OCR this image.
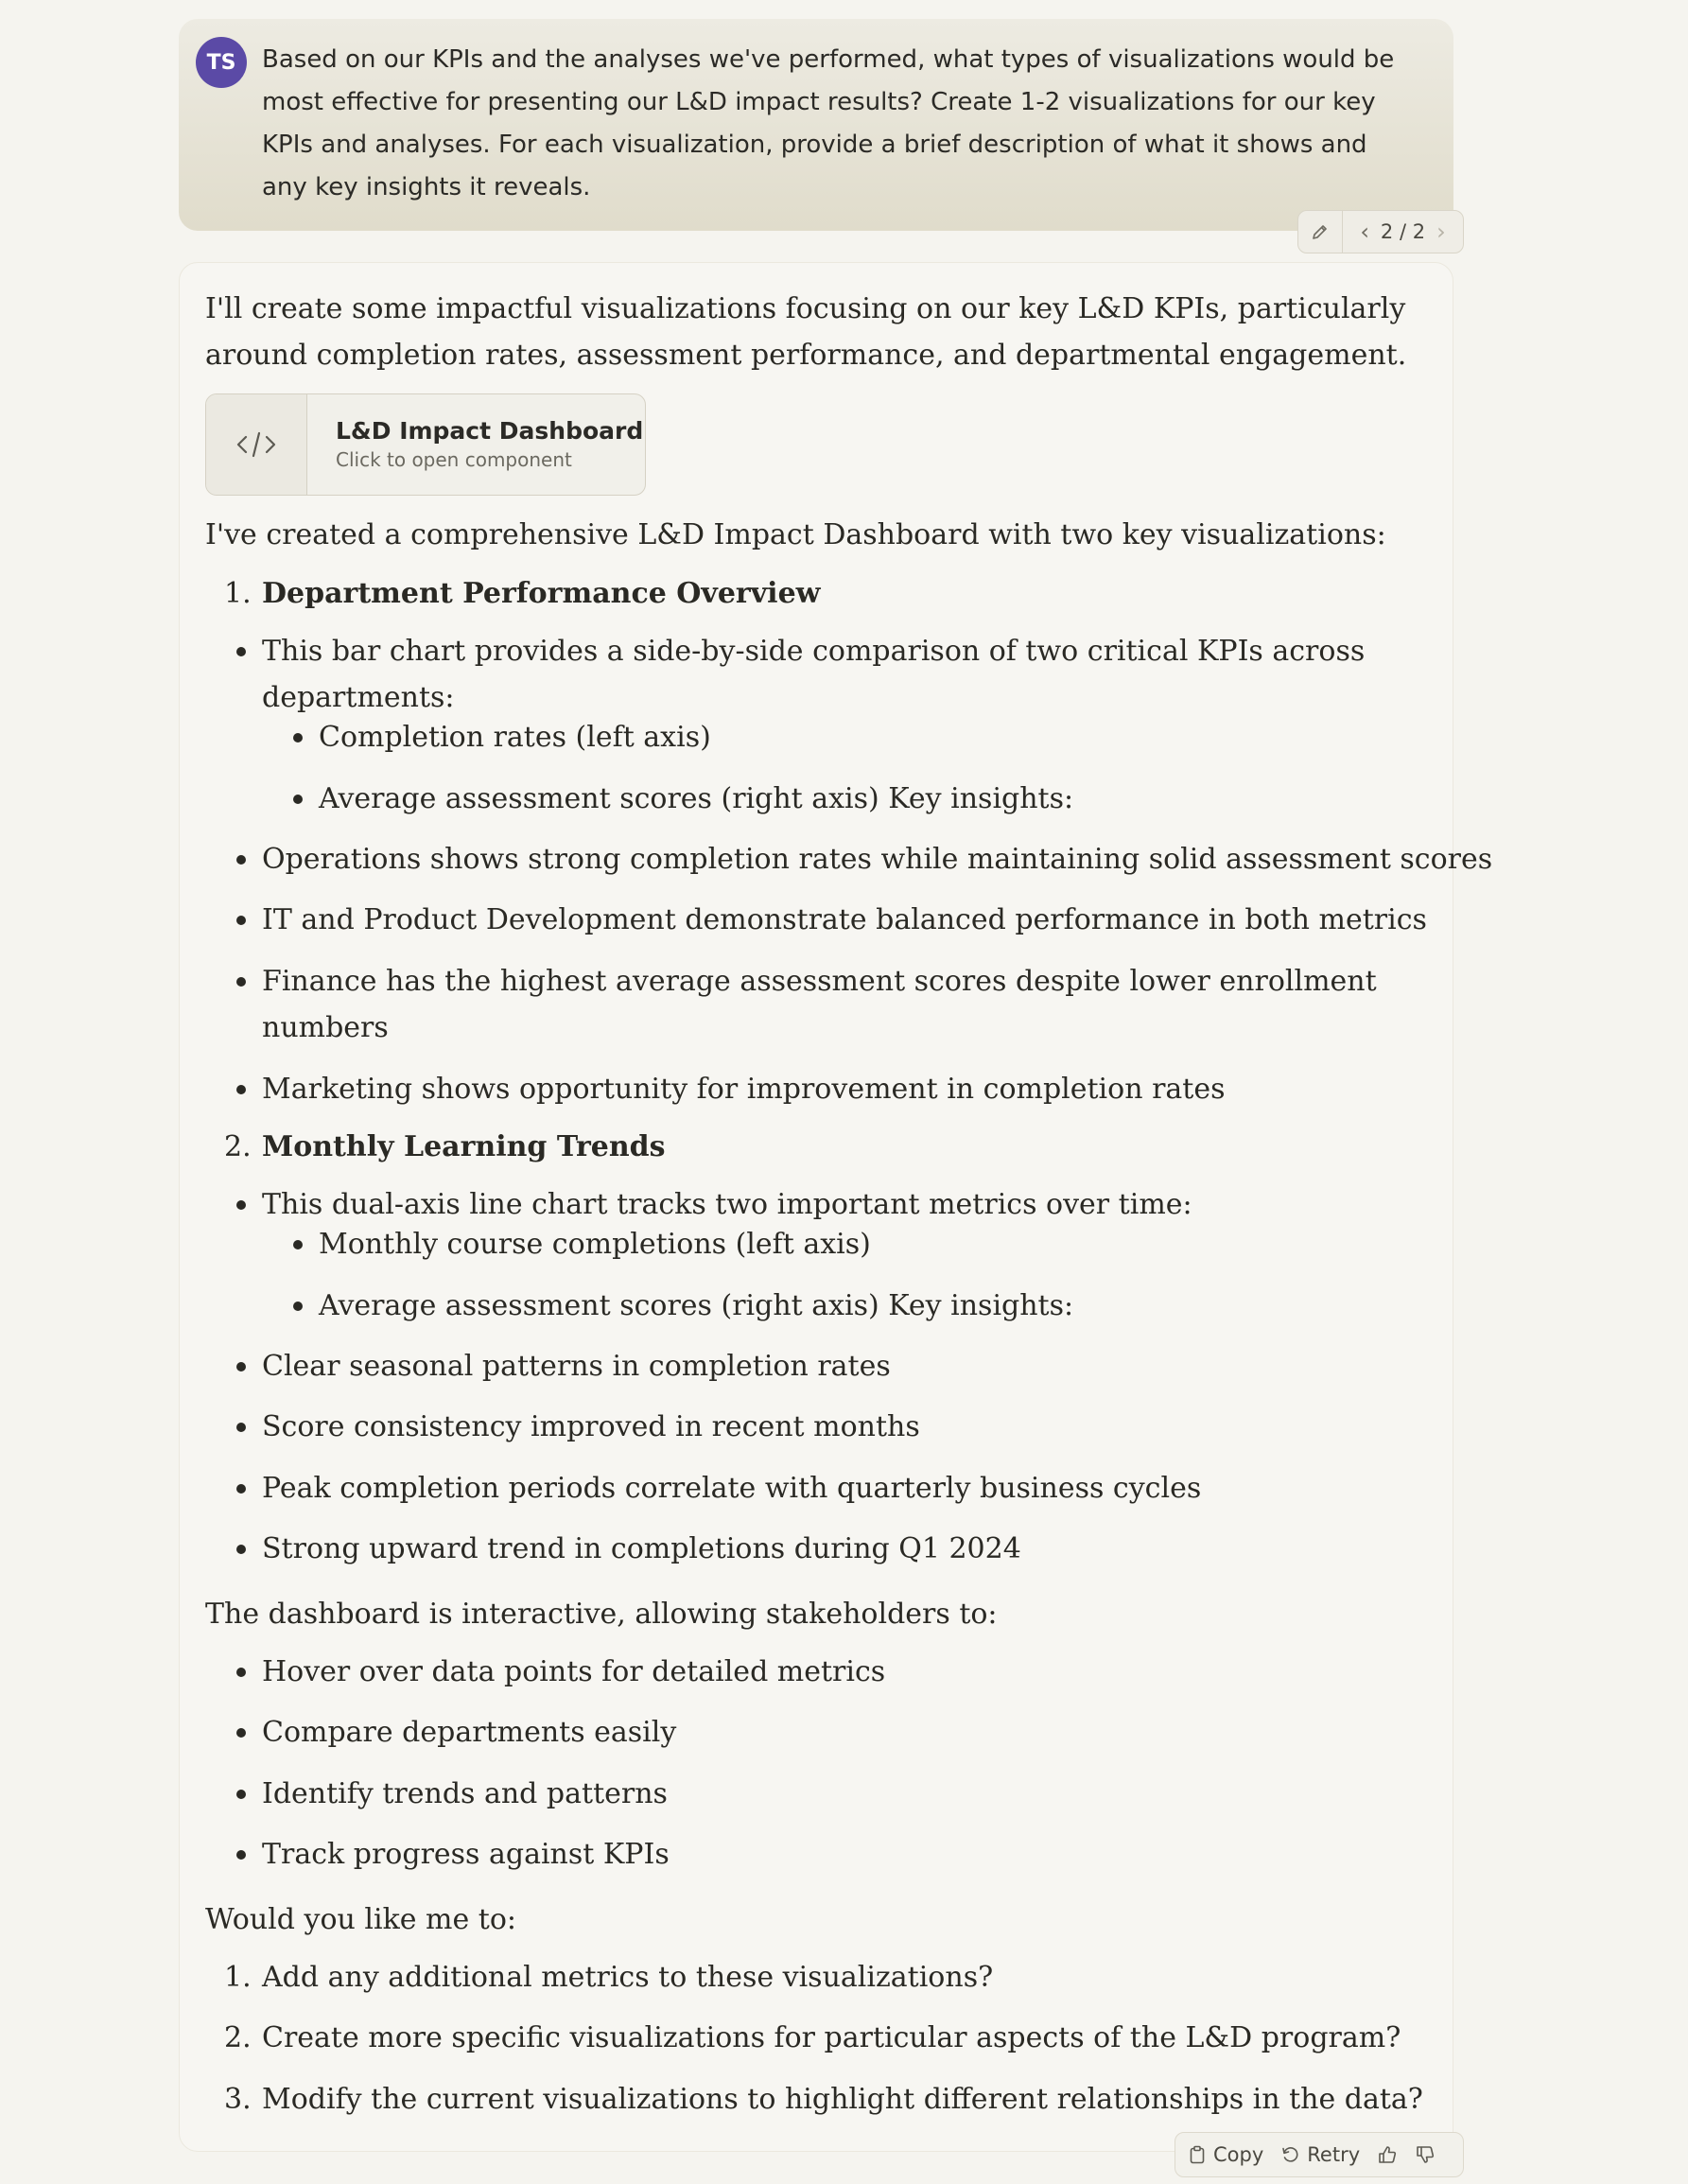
TS	Based on our KPIs and the analyses we've performed, what types of visualizations would be
most effective for presenting our L&D impact results? Create 1-2 visualizations for our key
KPIs and analyses. For each visualization, provide a brief description of what it shows and
any key insights it reveals.
‹ 2 / 2 ›
I'll create some impactful visualizations focusing on our key L&D KPIs, particularly
around completion rates, assessment performance, and departmental engagement.
L&D Impact Dashboard
Click to open component
I've created a comprehensive L&D Impact Dashboard with two key visualizations:
1. Department Performance Overview
This bar chart provides a side-by-side comparison of two critical KPIs across
departments:
Completion rates (left axis)
Average assessment scores (right axis) Key insights:
Operations shows strong completion rates while maintaining solid assessment scores
IT and Product Development demonstrate balanced performance in both metrics
Finance has the highest average assessment scores despite lower enrollment
numbers
Marketing shows opportunity for improvement in completion rates
2. Monthly Learning Trends
This dual-axis line chart tracks two important metrics over time:
Monthly course completions (left axis)
Average assessment scores (right axis) Key insights:
Clear seasonal patterns in completion rates
Score consistency improved in recent months
Peak completion periods correlate with quarterly business cycles
Strong upward trend in completions during Q1 2024
The dashboard is interactive, allowing stakeholders to:
Hover over data points for detailed metrics
Compare departments easily
Identify trends and patterns
Track progress against KPIs
Would you like me to:
1. Add any additional metrics to these visualizations?
2. Create more specific visualizations for particular aspects of the L&D program?
3. Modify the current visualizations to highlight different relationships in the data?
Copy Retry
